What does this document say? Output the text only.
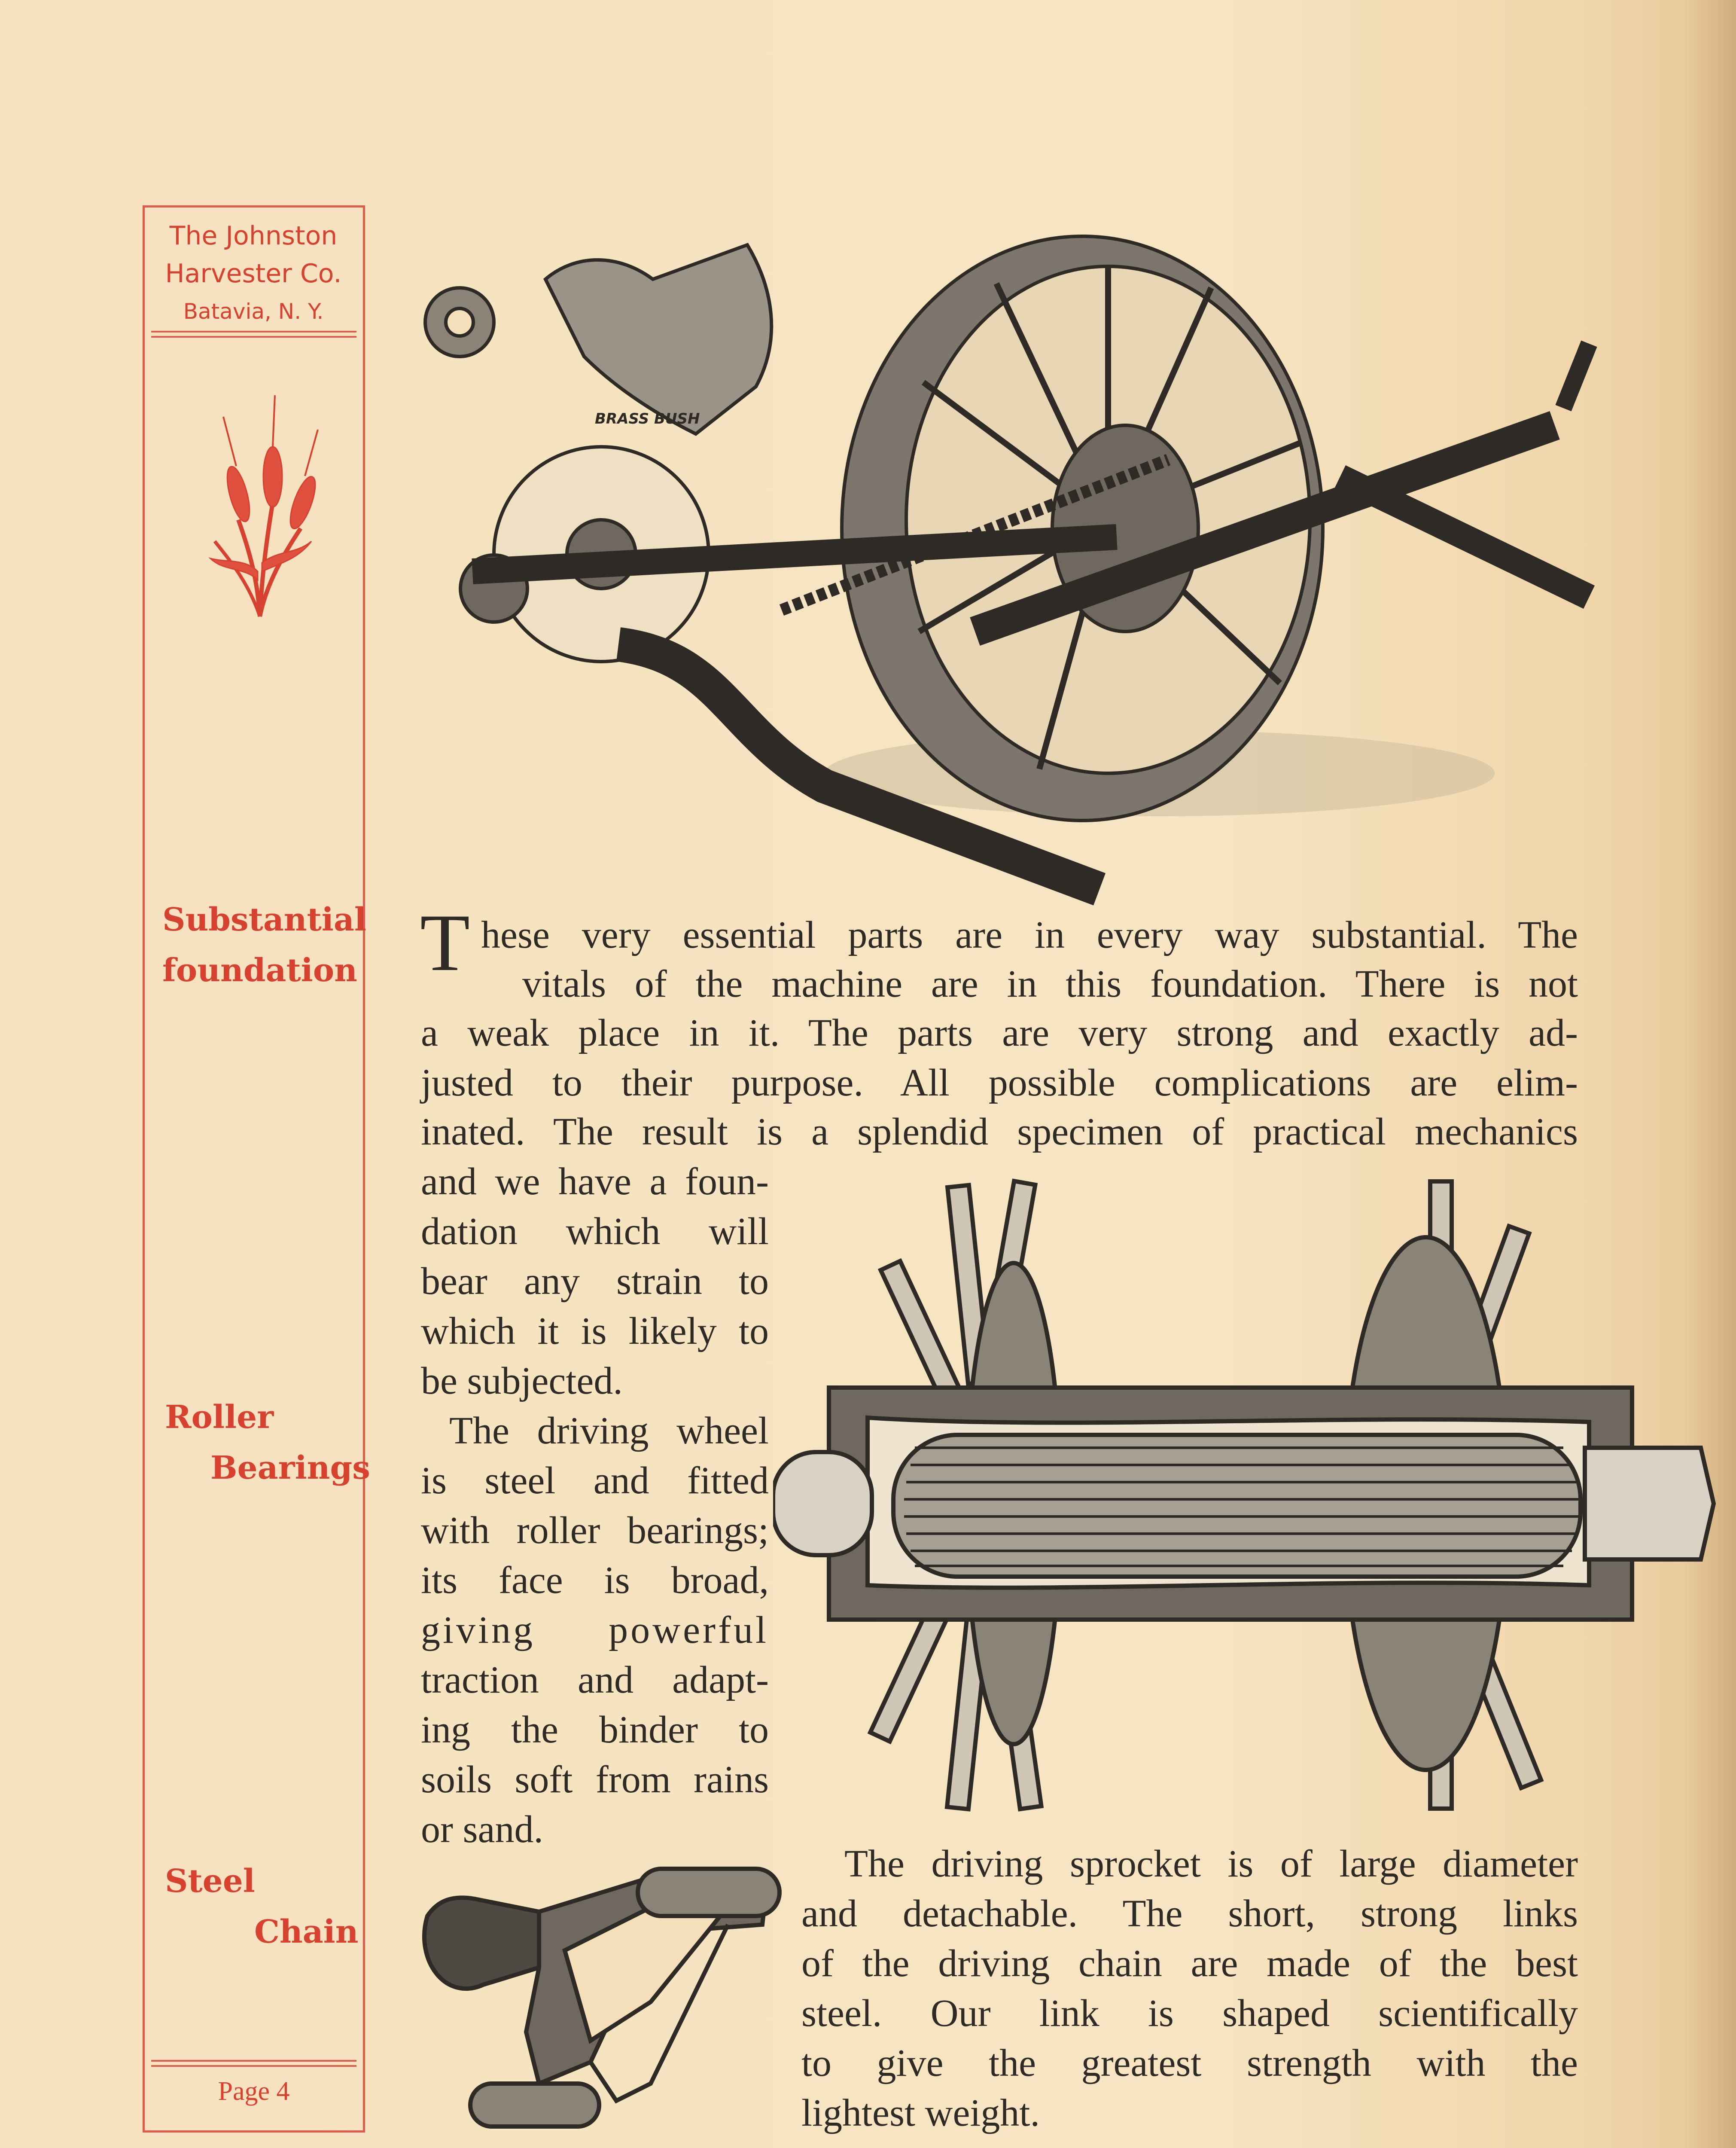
The Johnston
Harvester Co.
Batavia, N. Y.
Substantial
foundation
Roller
Bearings
Steel
Chain
Page 4
BRASS BUSH
T hese very essential parts are in every way substantial. The
vitals of the machine are in this foundation. There is not
a weak place in it. The parts are very strong and exactly ad-
justed to their purpose. All possible complications are elim-
inated. The result is a splendid specimen of practical mechanics
and we have a foun-
dation which will
bear any strain to
which it is likely to
be subjected.
The driving wheel
is steel and fitted
with roller bearings;
its face is broad,
giving powerful
traction and adapt-
ing the binder to
soils soft from rains
or sand.
The driving sprocket is of large diameter
and detachable. The short, strong links
of the driving chain are made of the best
steel. Our link is shaped scientifically
to give the greatest strength with the
lightest weight.
